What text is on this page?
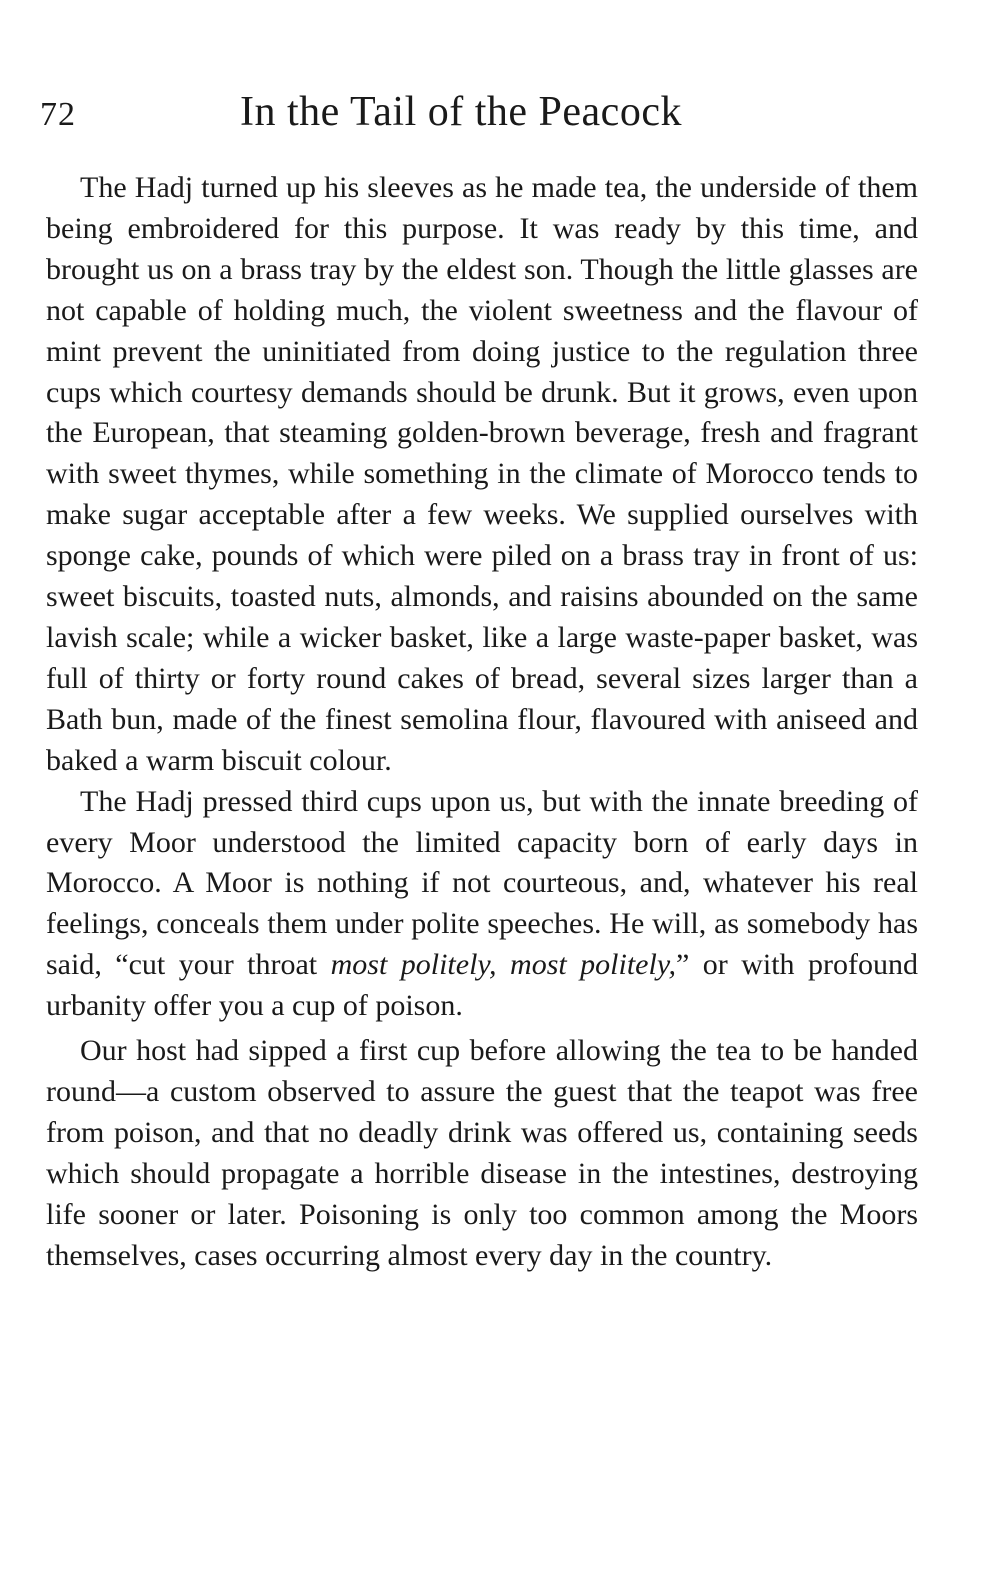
72	In the Tail of the Peacock

The Hadj turned up his sleeves as he made tea, the underside of them being embroidered for this purpose. It was ready by this time, and brought us on a brass tray by the eldest son. Though the little glasses are not capable of holding much, the violent sweetness and the flavour of mint prevent the uninitiated from doing justice to the regulation three cups which courtesy demands should be drunk. But it grows, even upon the European, that steaming golden-brown beverage, fresh and fragrant with sweet thymes, while something in the climate of Morocco tends to make sugar acceptable after a few weeks. We supplied ourselves with sponge cake, pounds of which were piled on a brass tray in front of us: sweet biscuits, toasted nuts, almonds, and raisins abounded on the same lavish scale; while a wicker basket, like a large waste-paper basket, was full of thirty or forty round cakes of bread, several sizes larger than a Bath bun, made of the finest semolina flour, flavoured with aniseed and baked a warm biscuit colour.

The Hadj pressed third cups upon us, but with the innate breeding of every Moor understood the limited capacity born of early days in Morocco. A Moor is nothing if not courteous, and, whatever his real feelings, conceals them under polite speeches. He will, as somebody has said, “cut your throat most politely, most politely,” or with profound urbanity offer you a cup of poison.

Our host had sipped a first cup before allowing the tea to be handed round—a custom observed to assure the guest that the teapot was free from poison, and that no deadly drink was offered us, containing seeds which should propagate a horrible disease in the intestines, destroying life sooner or later. Poisoning is only too common among the Moors themselves, cases occurring almost every day in the country.
